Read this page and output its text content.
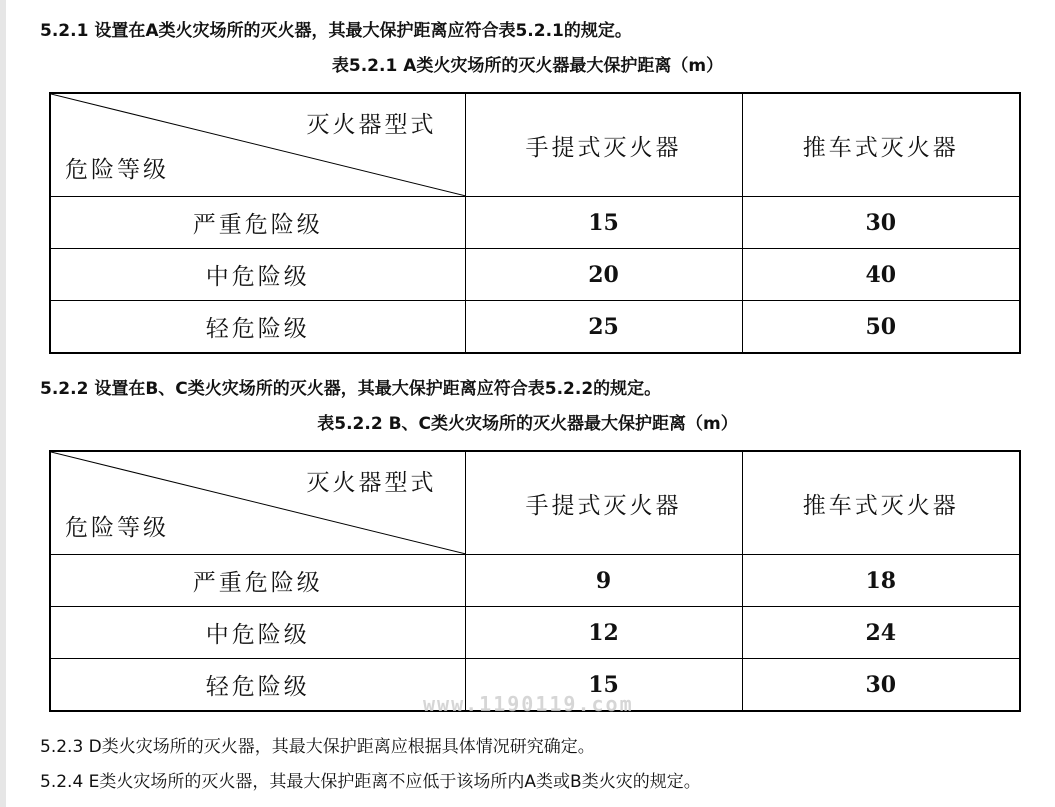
5.2.1 设置在A类火灾场所的灭火器，其最大保护距离应符合表5.2.1的规定。
表5.2.1 A类火灾场所的灭火器最大保护距离（m）
灭火器型式
危险等级	手提式灭火器	推车式灭火器
严重危险级	15	30
中危险级	20	40
轻危险级	25	50
5.2.2 设置在B、C类火灾场所的灭火器，其最大保护距离应符合表5.2.2的规定。
表5.2.2 B、C类火灾场所的灭火器最大保护距离（m）
灭火器型式
危险等级	手提式灭火器	推车式灭火器
严重危险级	9	18
中危险级	12	24
轻危险级	15	30
www.1190119.com
5.2.3 D类火灾场所的灭火器，其最大保护距离应根据具体情况研究确定。
5.2.4 E类火灾场所的灭火器，其最大保护距离不应低于该场所内A类或B类火灾的规定。
